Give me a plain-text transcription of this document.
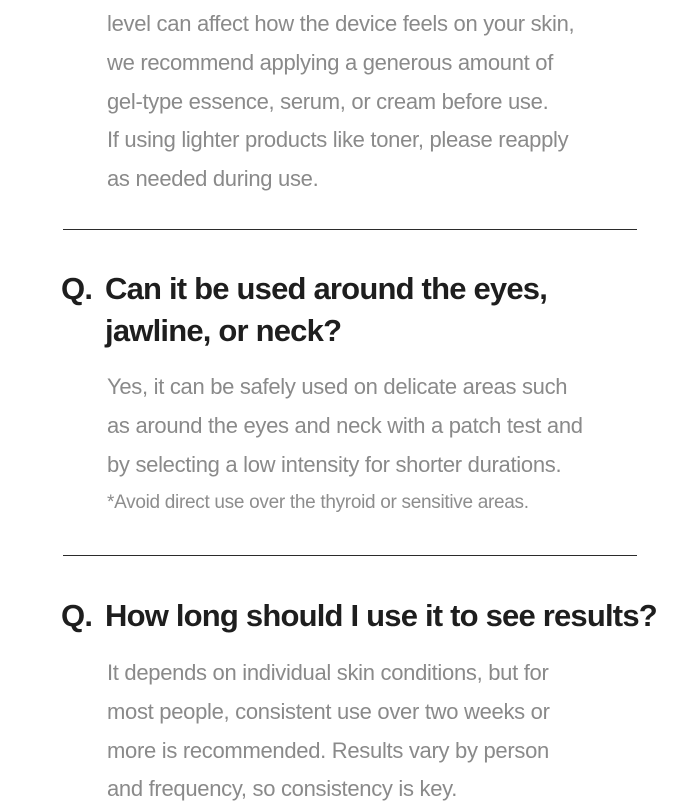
level can affect how the device feels on your skin,
we recommend applying a generous amount of
gel-type essence, serum, or cream before use.
If using lighter products like toner, please reapply
as needed during use.

Q. Can it be used around the eyes,
jawline, or neck?

Yes, it can be safely used on delicate areas such
as around the eyes and neck with a patch test and
by selecting a low intensity for shorter durations.

*Avoid direct use over the thyroid or sensitive areas.
Q. How long should I use it to see results?

It depends on individual skin conditions, but for
most people, consistent use over two weeks or
more is recommended. Results vary by person
and frequency, so consistency is key.
